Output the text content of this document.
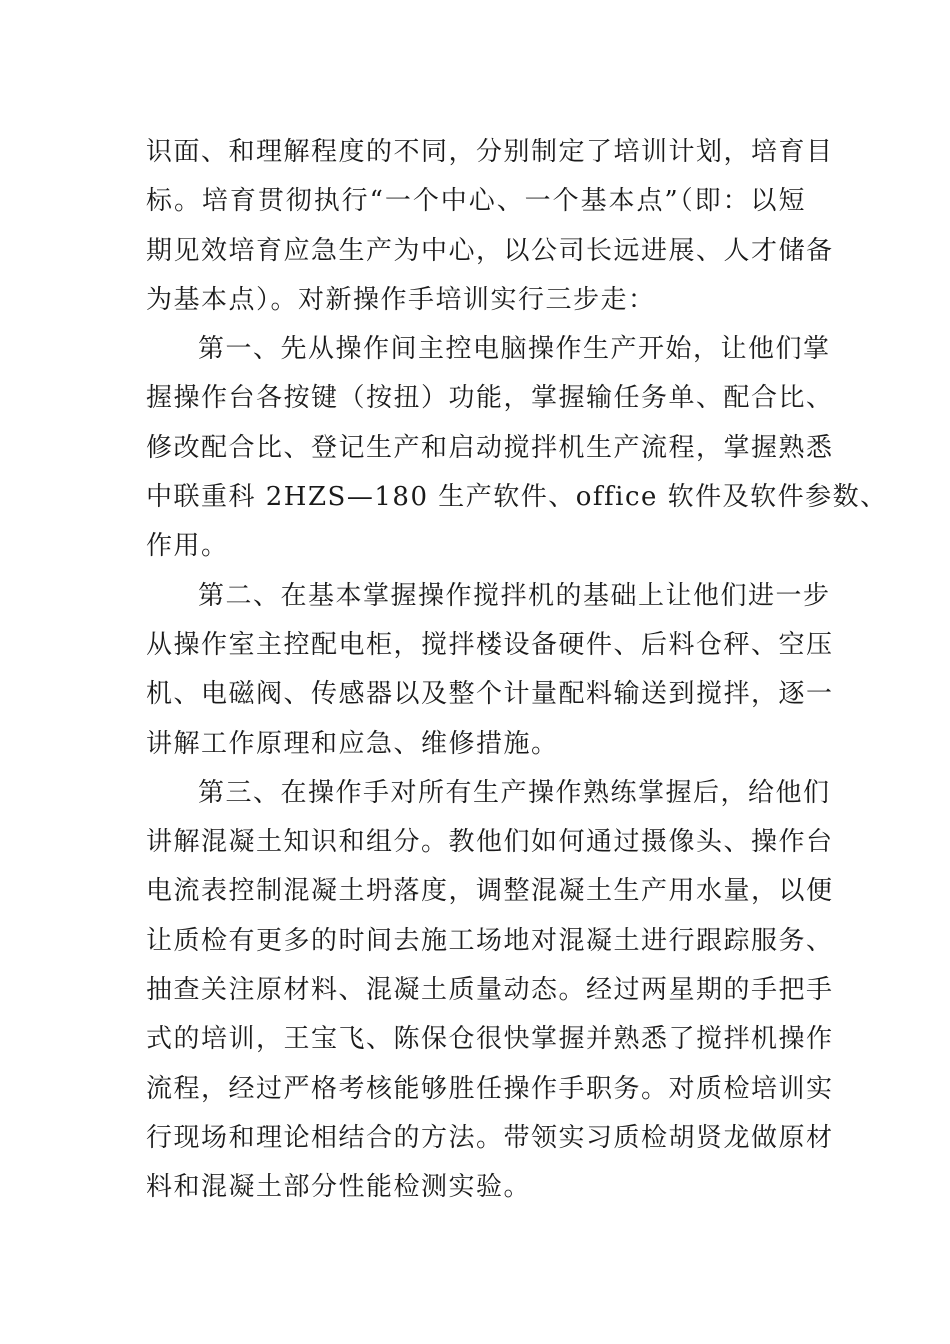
识面、和理解程度的不同，分别制定了培训计划，培育目
标。培育贯彻执行“一个中心、一个基本点”（即：以短
期见效培育应急生产为中心，以公司长远进展、人才储备
为基本点）。对新操作手培训实行三步走：
第一、先从操作间主控电脑操作生产开始，让他们掌
握操作台各按键（按扭）功能，掌握输任务单、配合比、
修改配合比、登记生产和启动搅拌机生产流程，掌握熟悉
中联重科 2HZS—180 生产软件、office 软件及软件参数、
作用。
第二、在基本掌握操作搅拌机的基础上让他们进一步
从操作室主控配电柜，搅拌楼设备硬件、后料仓秤、空压
机、电磁阀、传感器以及整个计量配料输送到搅拌，逐一
讲解工作原理和应急、维修措施。
第三、在操作手对所有生产操作熟练掌握后，给他们
讲解混凝土知识和组分。教他们如何通过摄像头、操作台
电流表控制混凝土坍落度，调整混凝土生产用水量，以便
让质检有更多的时间去施工场地对混凝土进行跟踪服务、
抽查关注原材料、混凝土质量动态。经过两星期的手把手
式的培训，王宝飞、陈保仓很快掌握并熟悉了搅拌机操作
流程，经过严格考核能够胜任操作手职务。对质检培训实
行现场和理论相结合的方法。带领实习质检胡贤龙做原材
料和混凝土部分性能检测实验。
